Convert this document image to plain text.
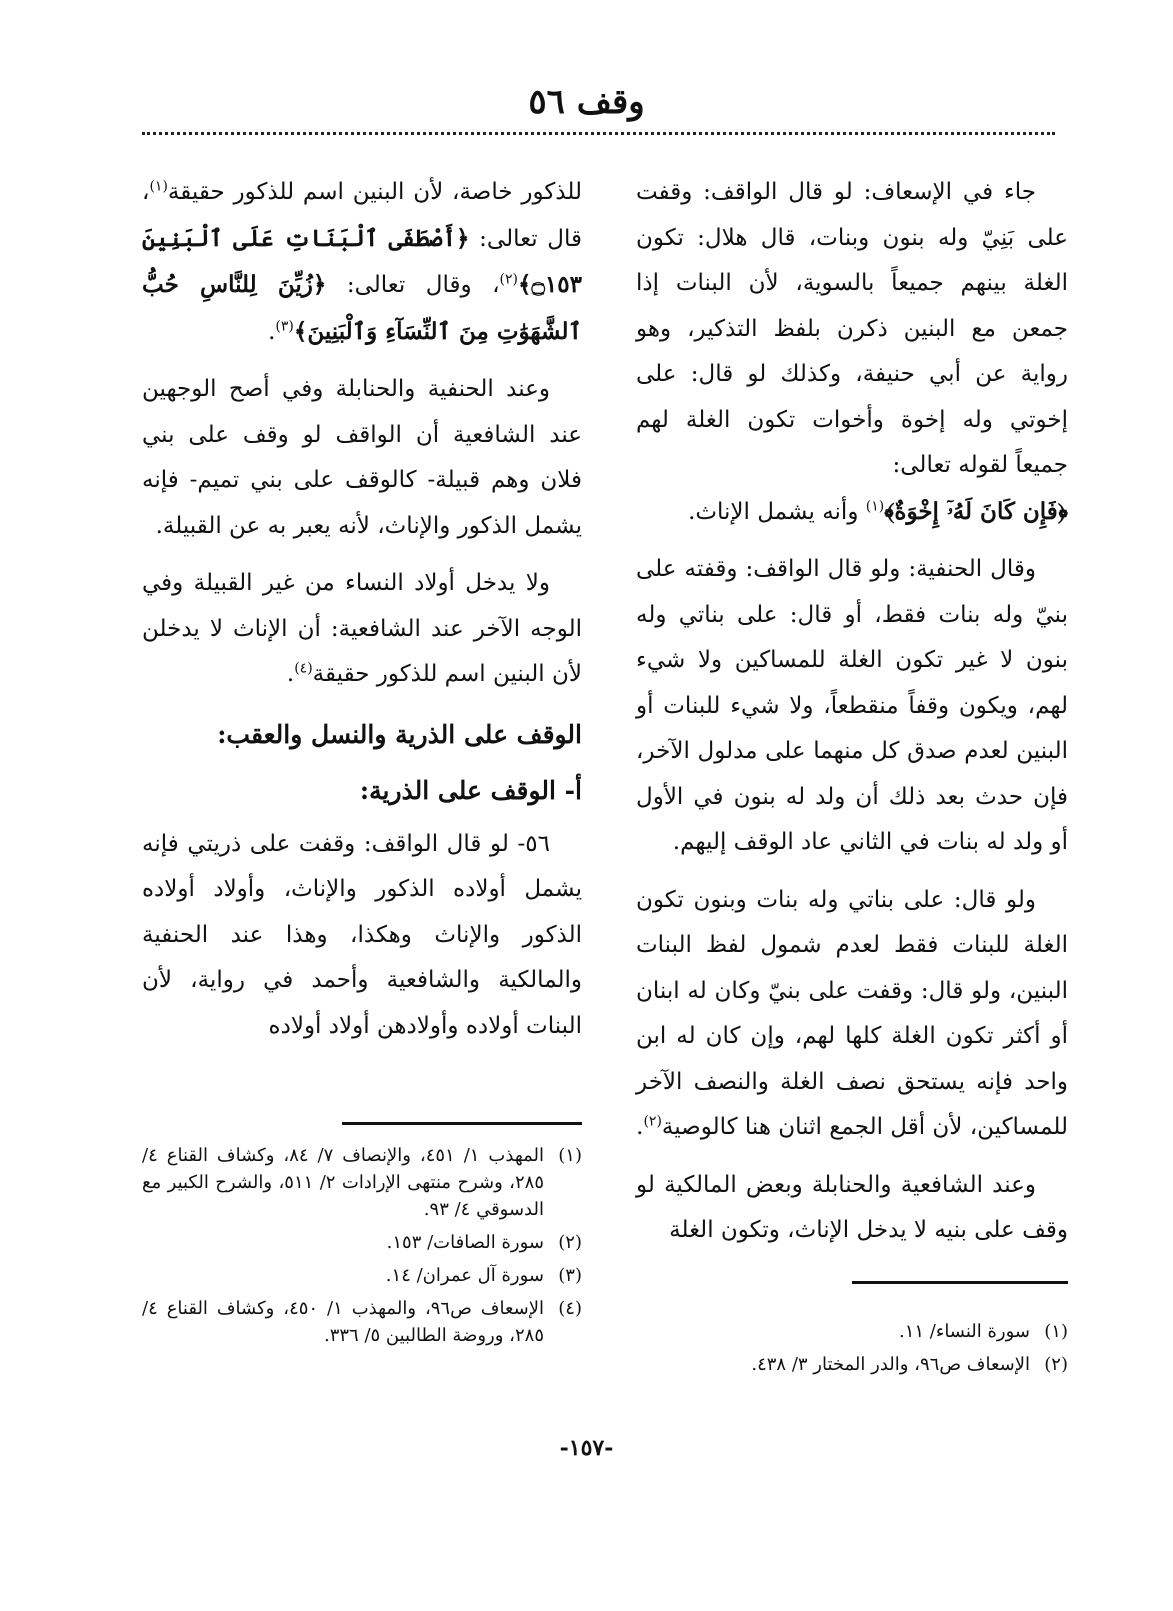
وقف ٥٦

جاء في الإسعاف: لو قال الواقف: وقفت على بَنِيّ وله بنون وبنات، قال هلال: تكون الغلة بينهم جميعاً بالسوية، لأن البنات إذا جمعن مع البنين ذكرن بلفظ التذكير، وهو رواية عن أبي حنيفة، وكذلك لو قال: على إخوتي وله إخوة وأخوات تكون الغلة لهم جميعاً لقوله تعالى:
﴿فَإِن كَانَ لَهُۥٓ إِخْوَةٌ﴾$^{(١)}$ وأنه يشمل الإناث.

وقال الحنفية: ولو قال الواقف: وقفته على بنيّ وله بنات فقط، أو قال: على بناتي وله بنون لا غير تكون الغلة للمساكين ولا شيء لهم، ويكون وقفاً منقطعاً، ولا شيء للبنات أو البنين لعدم صدق كل منهما على مدلول الآخر، فإن حدث بعد ذلك أن ولد له بنون في الأول أو ولد له بنات في الثاني عاد الوقف إليهم.

ولو قال: على بناتي وله بنات وبنون تكون الغلة للبنات فقط لعدم شمول لفظ البنات البنين، ولو قال: وقفت على بنيّ وكان له ابنان أو أكثر تكون الغلة كلها لهم، وإن كان له ابن واحد فإنه يستحق نصف الغلة والنصف الآخر للمساكين، لأن أقل الجمع اثنان هنا كالوصية$^{(٢)}$.

وعند الشافعية والحنابلة وبعض المالكية لو وقف على بنيه لا يدخل الإناث، وتكون الغلة

للذكور خاصة، لأن البنين اسم للذكور حقيقة$^{(١)}$، قال تعالى: ﴿أَصْطَفَى ٱلْبَنَاتِ عَلَى ٱلْبَنِينَ ۝١٥٣﴾$^{(٢)}$، وقال تعالى: ﴿زُيِّنَ لِلنَّاسِ حُبُّ ٱلشَّهَوَٰتِ مِنَ ٱلنِّسَآءِ وَٱلْبَنِينَ﴾$^{(٣)}$.

وعند الحنفية والحنابلة وفي أصح الوجهين عند الشافعية أن الواقف لو وقف على بني فلان وهم قبيلة- كالوقف على بني تميم- فإنه يشمل الذكور والإناث، لأنه يعبر به عن القبيلة.

ولا يدخل أولاد النساء من غير القبيلة وفي الوجه الآخر عند الشافعية: أن الإناث لا يدخلن لأن البنين اسم للذكور حقيقة$^{(٤)}$.

الوقف على الذرية والنسل والعقب:
أ- الوقف على الذرية:

٥٦- لو قال الواقف: وقفت على ذريتي فإنه يشمل أولاده الذكور والإناث، وأولاد أولاده الذكور والإناث وهكذا، وهذا عند الحنفية والمالكية والشافعية وأحمد في رواية، لأن البنات أولاده وأولادهن أولاد أولاده

(١)
سورة النساء/ ١١.
(٢)
الإسعاف ص٩٦، والدر المختار ٣/ ٤٣٨.
(١)
المهذب ١/ ٤٥١، والإنصاف ٧/ ٨٤، وكشاف القناع ٤/ ٢٨٥، وشرح منتهى الإرادات ٢/ ٥١١، والشرح الكبير مع الدسوقي ٤/ ٩٣.
(٢)
سورة الصافات/ ١٥٣.
(٣)
سورة آل عمران/ ١٤.
(٤)
الإسعاف ص٩٦، والمهذب ١/ ٤٥٠، وكشاف القناع ٤/ ٢٨٥، وروضة الطالبين ٥/ ٣٣٦.
-١٥٧-
